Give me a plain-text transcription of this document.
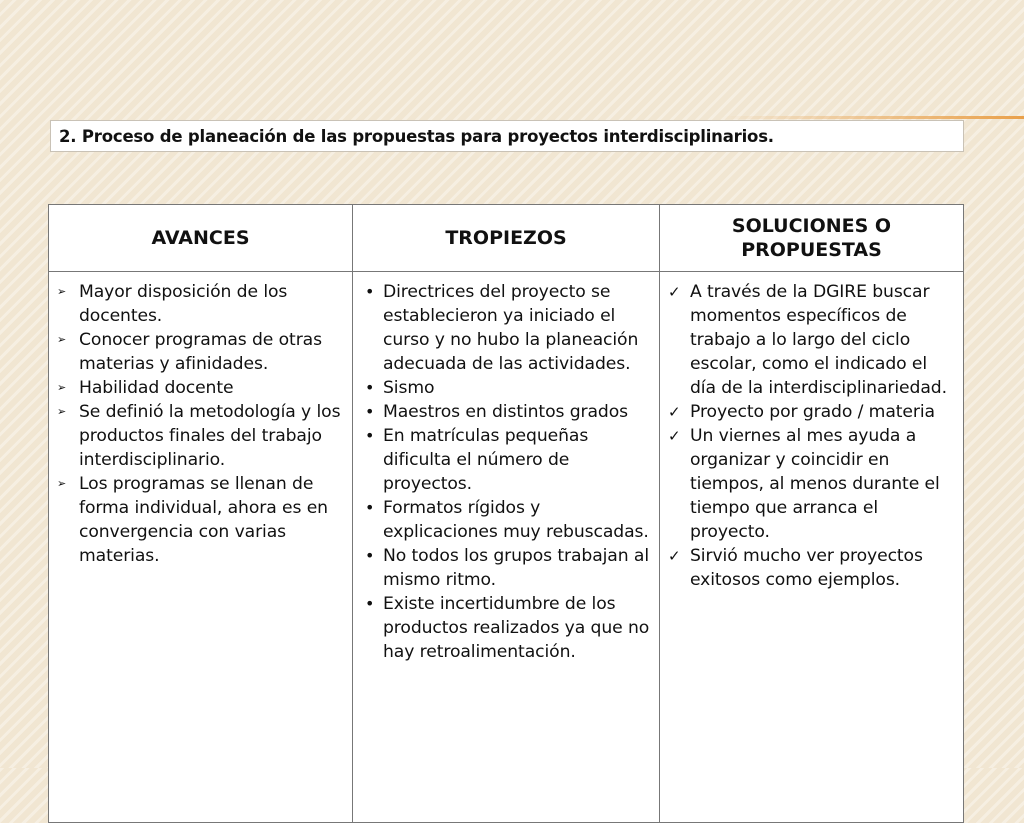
2. Proceso de planeación de las propuestas para proyectos interdisciplinarios.
AVANCES	TROPIEZOS
SOLUCIONES O PROPUESTAS
➢ Mayor disposición de los docentes.
➢ Conocer programas de otras materias y afinidades.
➢ Habilidad docente
➢ Se definió la metodología y los productos finales del trabajo interdisciplinario.
➢ Los programas se llenan de forma individual, ahora es en convergencia con varias materias.
• Directrices del proyecto se establecieron ya iniciado el curso y no hubo la planeación adecuada de las actividades.
• Sismo
• Maestros en distintos grados
• En matrículas pequeñas dificulta el número de proyectos.
• Formatos rígidos y explicaciones muy rebuscadas.
• No todos los grupos trabajan al mismo ritmo.
• Existe incertidumbre de los productos realizados ya que no hay retroalimentación.
✓ A través de la DGIRE buscar momentos específicos de trabajo a lo largo del ciclo escolar, como el indicado el día de la interdisciplinariedad.
✓ Proyecto por grado / materia
✓ Un viernes al mes ayuda a organizar y coincidir en tiempos, al menos durante el tiempo que arranca el proyecto.
✓ Sirvió mucho ver proyectos exitosos como ejemplos.
